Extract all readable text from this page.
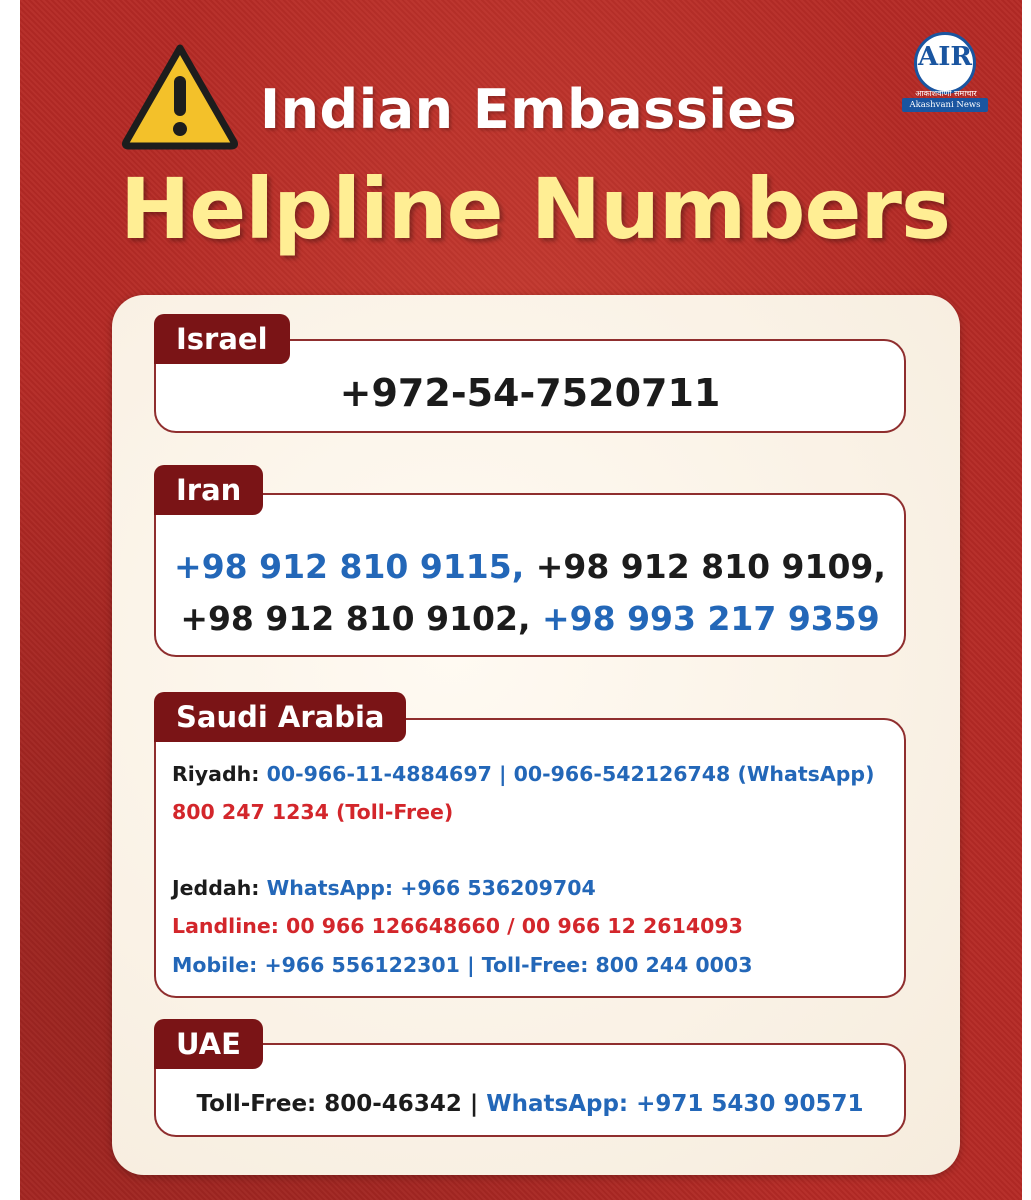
Indian Embassies
Helpline Numbers
AIR
आकाशवाणी समाचार
Akashvani News
+972-54-7520711
Israel
+98 912 810 9115, +98 912 810 9109,
+98 912 810 9102, +98 993 217 9359
Iran
Riyadh: 00-966-11-4884697 | 00-966-542126748 (WhatsApp)
800 247 1234 (Toll-Free)
Jeddah: WhatsApp: +966 536209704
Landline: 00 966 126648660 / 00 966 12 2614093
Mobile: +966 556122301 | Toll-Free: 800 244 0003
Saudi Arabia
Toll-Free: 800-46342 | WhatsApp: +971 5430 90571
UAE
